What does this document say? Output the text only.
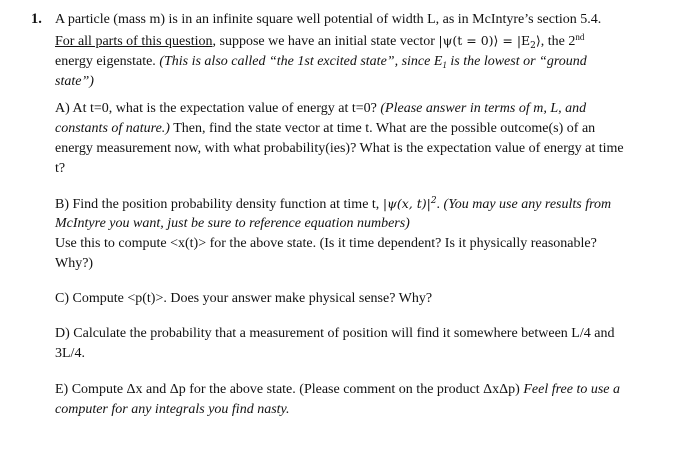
1. A particle (mass m) is in an infinite square well potential of width L, as in McIntyre’s section 5.4.
For all parts of this question, suppose we have an initial state vector |ψ(t = 0)⟩ = $|E_2⟩$, the 2nd
energy eigenstate. (This is also called “the 1st excited state”, since $E_1$ is the lowest or “ground
state”)
A) At t=0, what is the expectation value of energy at t=0? (Please answer in terms of m, L, and
constants of nature.) Then, find the state vector at time t. What are the possible outcome(s) of an
energy measurement now, with what probability(ies)? What is the expectation value of energy at time
t?
B) Find the position probability density function at time t, |ψ(x, $t)|^2$. (You may use any results from
McIntyre you want, just be sure to reference equation numbers)
Use this to compute <x(t)> for the above state. (Is it time dependent? Is it physically reasonable?
Why?)
C) Compute <p(t)>. Does your answer make physical sense? Why?
D) Calculate the probability that a measurement of position will find it somewhere between L/4 and
3L/4.
E) Compute Δx and Δp for the above state. (Please comment on the product ΔxΔp) Feel free to use a
computer for any integrals you find nasty.
